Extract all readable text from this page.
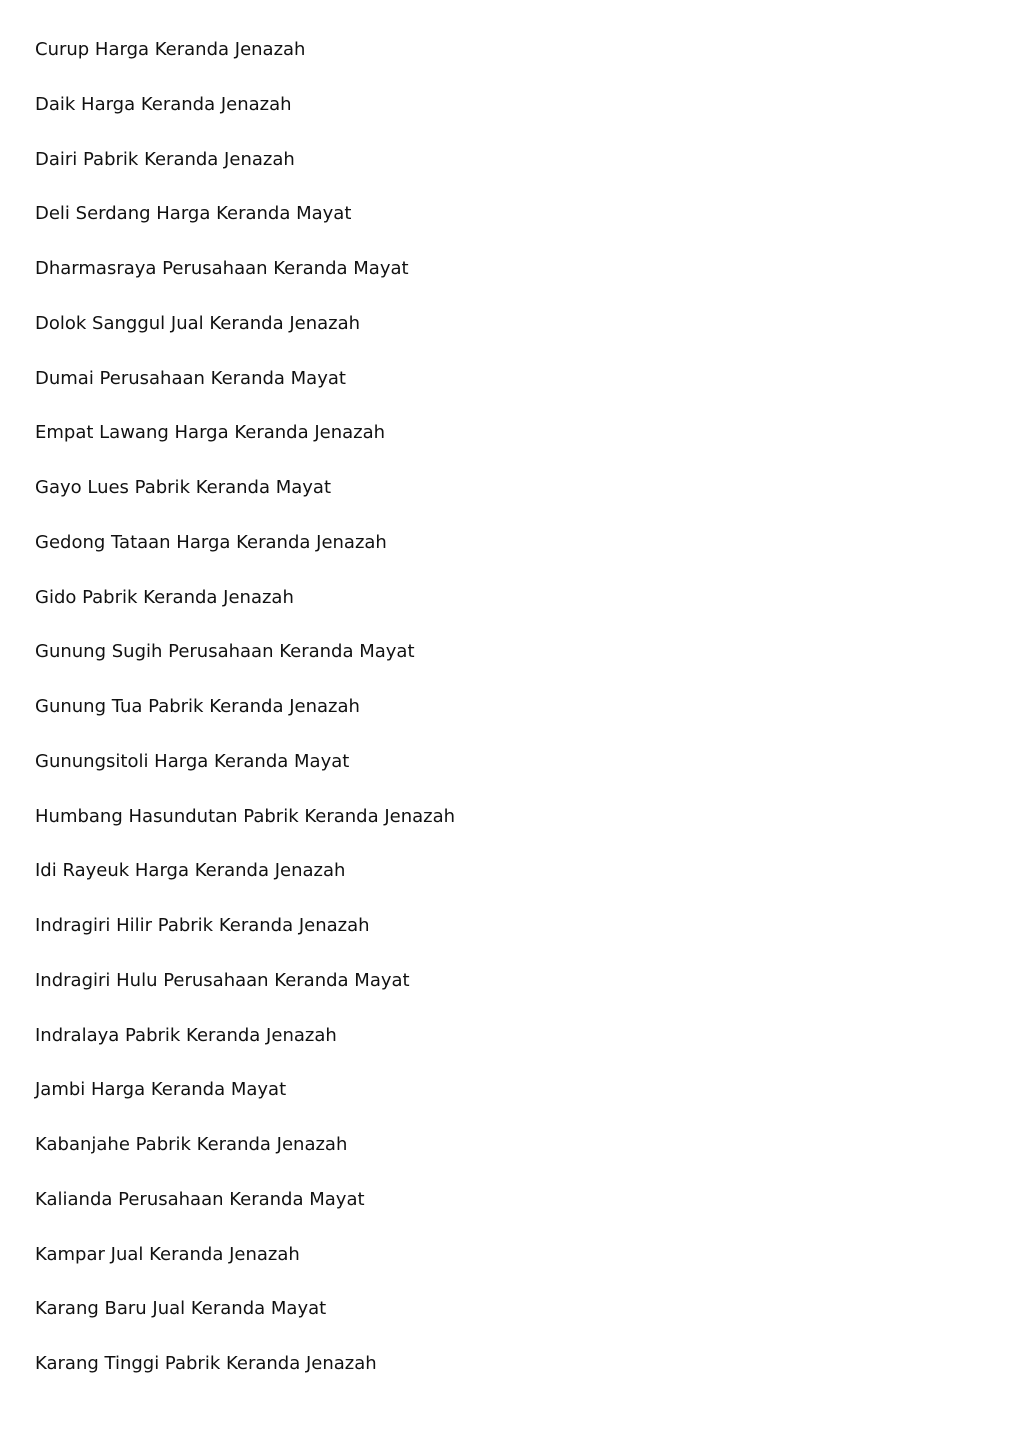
Curup Harga Keranda Jenazah
Daik Harga Keranda Jenazah
Dairi Pabrik Keranda Jenazah
Deli Serdang Harga Keranda Mayat
Dharmasraya Perusahaan Keranda Mayat
Dolok Sanggul Jual Keranda Jenazah
Dumai Perusahaan Keranda Mayat
Empat Lawang Harga Keranda Jenazah
Gayo Lues Pabrik Keranda Mayat
Gedong Tataan Harga Keranda Jenazah
Gido Pabrik Keranda Jenazah
Gunung Sugih Perusahaan Keranda Mayat
Gunung Tua Pabrik Keranda Jenazah
Gunungsitoli Harga Keranda Mayat
Humbang Hasundutan Pabrik Keranda Jenazah
Idi Rayeuk Harga Keranda Jenazah
Indragiri Hilir Pabrik Keranda Jenazah
Indragiri Hulu Perusahaan Keranda Mayat
Indralaya Pabrik Keranda Jenazah
Jambi Harga Keranda Mayat
Kabanjahe Pabrik Keranda Jenazah
Kalianda Perusahaan Keranda Mayat
Kampar Jual Keranda Jenazah
Karang Baru Jual Keranda Mayat
Karang Tinggi Pabrik Keranda Jenazah
